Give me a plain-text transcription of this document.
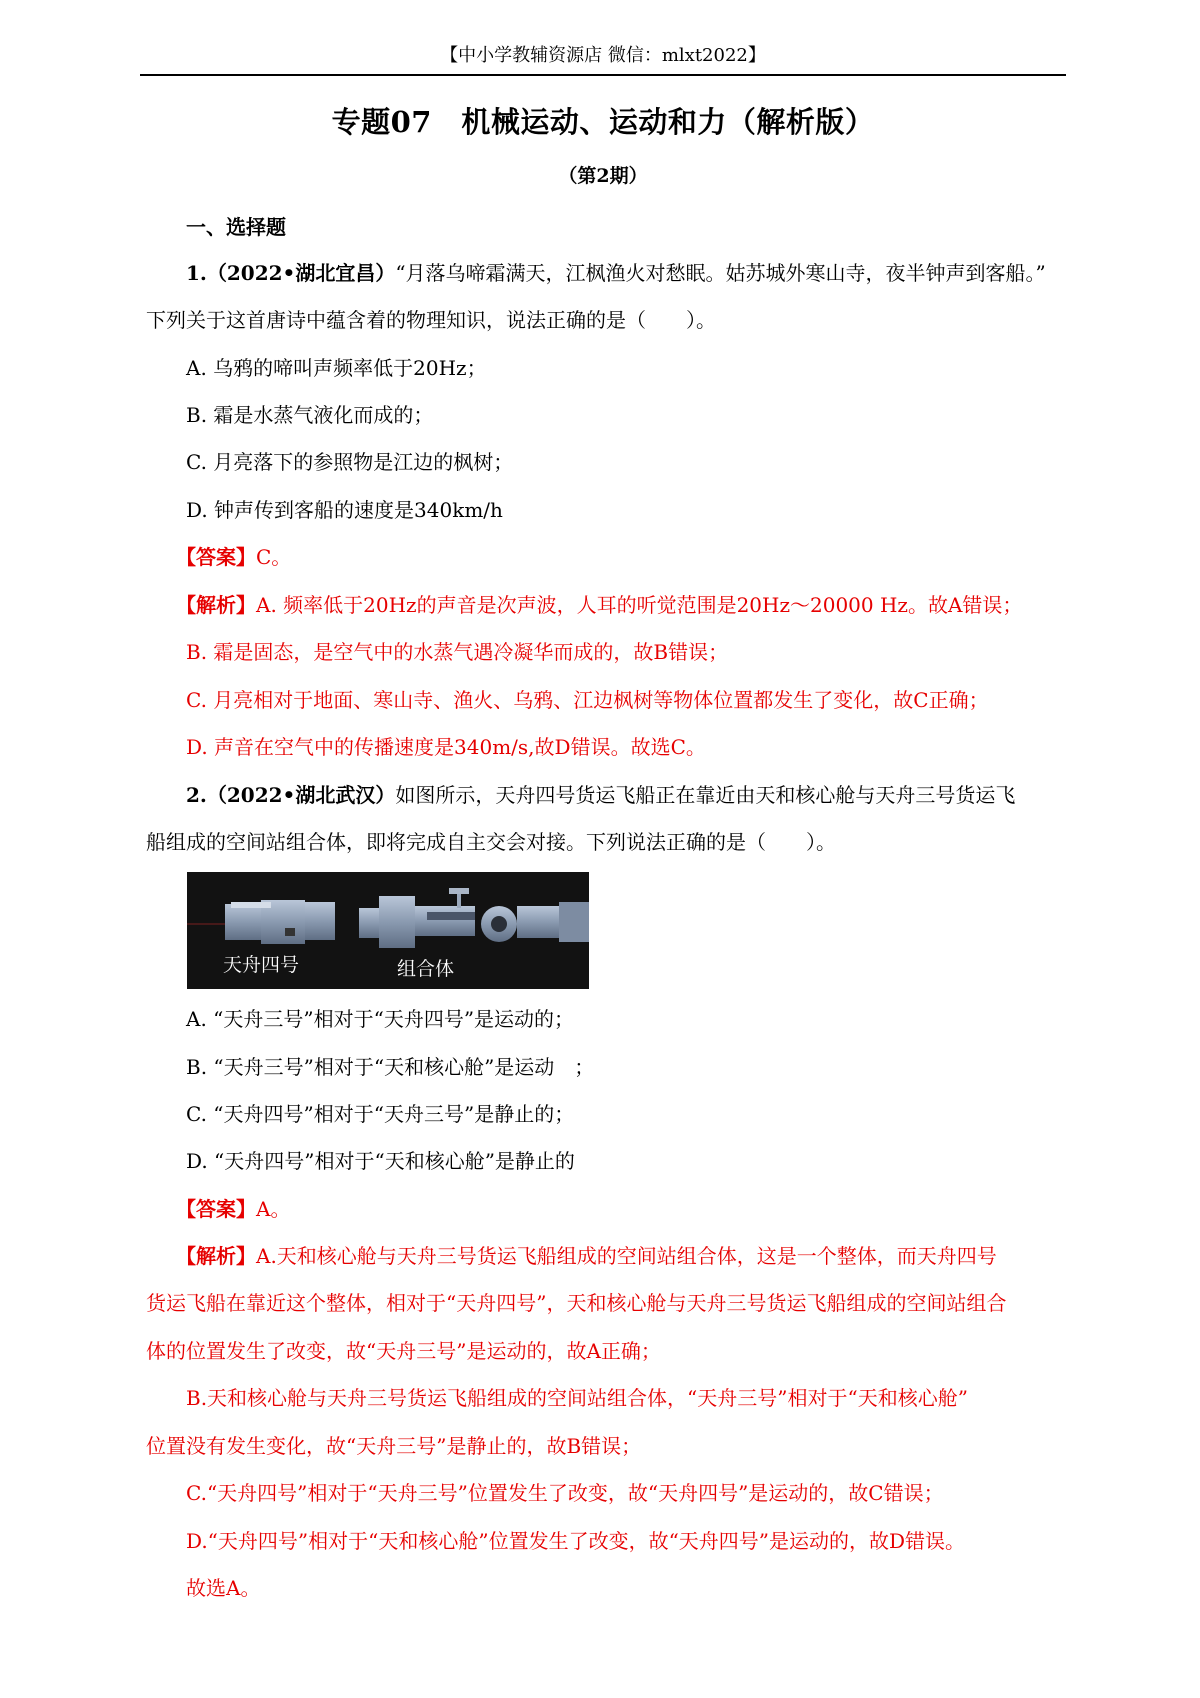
【中小学教辅资源店 微信：mlxt2022】
专题07　机械运动、运动和力（解析版）
（第2期）
一、选择题
1.（2022•湖北宜昌）“月落乌啼霜满天，江枫渔火对愁眠。姑苏城外寒山寺，夜半钟声到客船。”
下列关于这首唐诗中蕴含着的物理知识，说法正确的是（　　）。
A. 乌鸦的啼叫声频率低于20Hz；
B. 霜是水蒸气液化而成的；
C. 月亮落下的参照物是江边的枫树；
D. 钟声传到客船的速度是340km/h
【答案】C。
【解析】A. 频率低于20Hz的声音是次声波，人耳的听觉范围是20Hz～20000 Hz。故A错误；
B. 霜是固态，是空气中的水蒸气遇冷凝华而成的，故B错误；
C. 月亮相对于地面、寒山寺、渔火、乌鸦、江边枫树等物体位置都发生了变化，故C正确；
D. 声音在空气中的传播速度是340m/s,故D错误。故选C。
2.（2022•湖北武汉）如图所示，天舟四号货运飞船正在靠近由天和核心舱与天舟三号货运飞
船组成的空间站组合体，即将完成自主交会对接。下列说法正确的是（　　）。
天舟四号	组合体
A. “天舟三号”相对于“天舟四号”是运动的；
B. “天舟三号”相对于“天和核心舱”是运动　；
C. “天舟四号”相对于“天舟三号”是静止的；
D. “天舟四号”相对于“天和核心舱”是静止的
【答案】A。
【解析】A.天和核心舱与天舟三号货运飞船组成的空间站组合体，这是一个整体，而天舟四号
货运飞船在靠近这个整体，相对于“天舟四号”，天和核心舱与天舟三号货运飞船组成的空间站组合
体的位置发生了改变，故“天舟三号”是运动的，故A正确；
B.天和核心舱与天舟三号货运飞船组成的空间站组合体，“天舟三号”相对于“天和核心舱”
位置没有发生变化，故“天舟三号”是静止的，故B错误；
C.“天舟四号”相对于“天舟三号”位置发生了改变，故“天舟四号”是运动的，故C错误；
D.“天舟四号”相对于“天和核心舱”位置发生了改变，故“天舟四号”是运动的，故D错误。
故选A。
